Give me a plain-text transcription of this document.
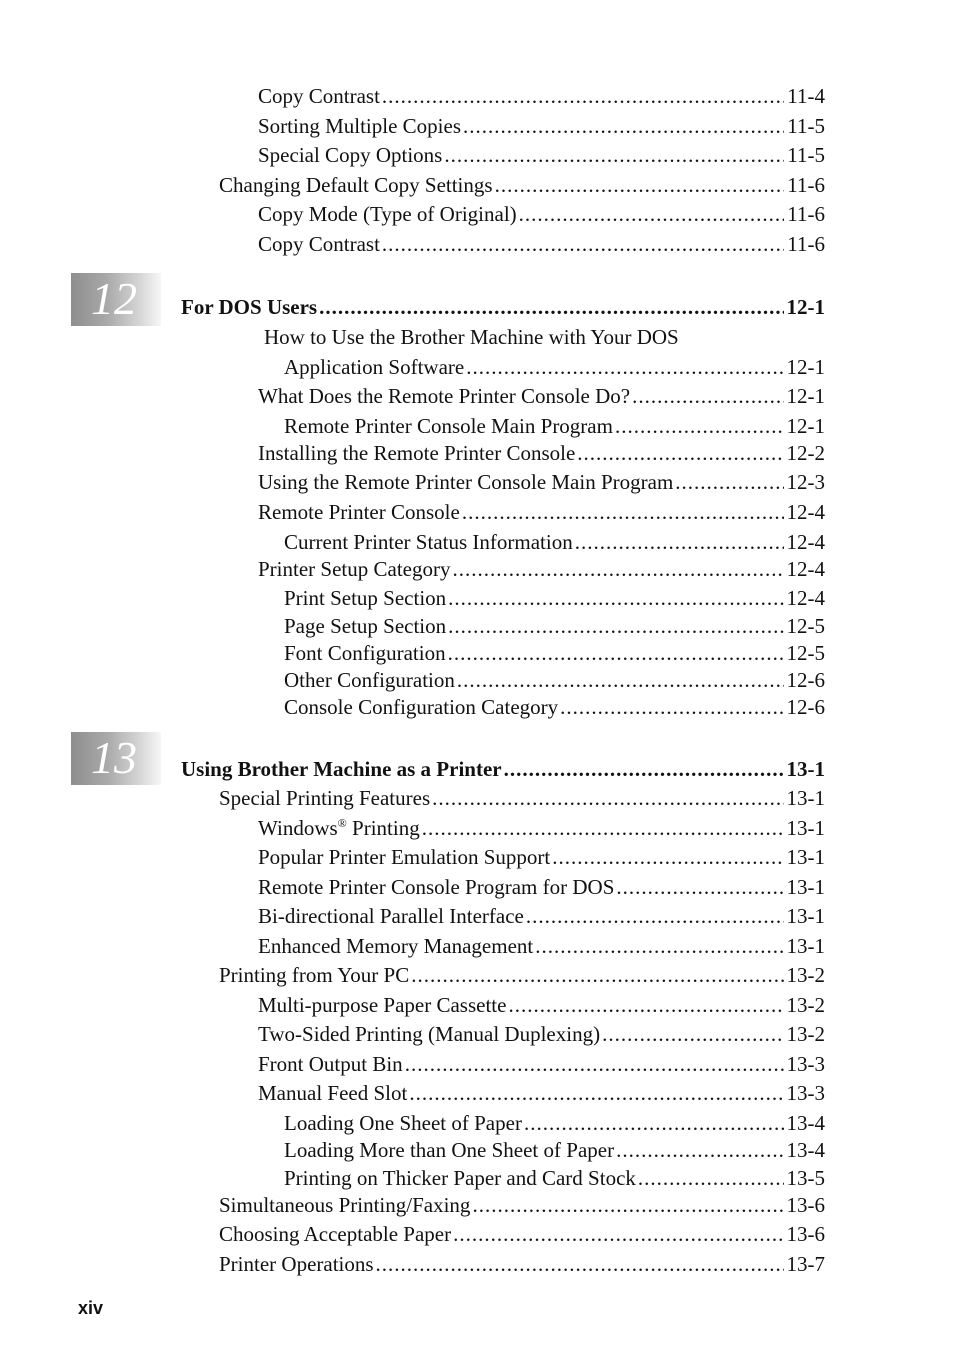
12
13
Copy Contrast .....	11-4
Sorting Multiple Copies .....	11-5
Special Copy Options .....	11-5
Changing Default Copy Settings .....	11-6
Copy Mode (Type of Original) .....	11-6
Copy Contrast .....	11-6
For DOS Users .....	12-1
How to Use the Brother Machine with Your DOS
Application Software .....	12-1
What Does the Remote Printer Console Do? .....	12-1
Remote Printer Console Main Program .....	12-1
Installing the Remote Printer Console .....	12-2
Using the Remote Printer Console Main Program .....	12-3
Remote Printer Console .....	12-4
Current Printer Status Information .....	12-4
Printer Setup Category .....	12-4
Print Setup Section .....	12-4
Page Setup Section .....	12-5
Font Configuration .....	12-5
Other Configuration .....	12-6
Console Configuration Category .....	12-6
Using Brother Machine as a Printer .....	13-1
Special Printing Features .....	13-1
Windows® Printing .....	13-1
Popular Printer Emulation Support .....	13-1
Remote Printer Console Program for DOS .....	13-1
Bi-directional Parallel Interface .....	13-1
Enhanced Memory Management .....	13-1
Printing from Your PC .....	13-2
Multi-purpose Paper Cassette .....	13-2
Two-Sided Printing (Manual Duplexing) .....	13-2
Front Output Bin .....	13-3
Manual Feed Slot .....	13-3
Loading One Sheet of Paper .....	13-4
Loading More than One Sheet of Paper .....	13-4
Printing on Thicker Paper and Card Stock .....	13-5
Simultaneous Printing/Faxing .....	13-6
Choosing Acceptable Paper .....	13-6
Printer Operations .....	13-7
xiv
